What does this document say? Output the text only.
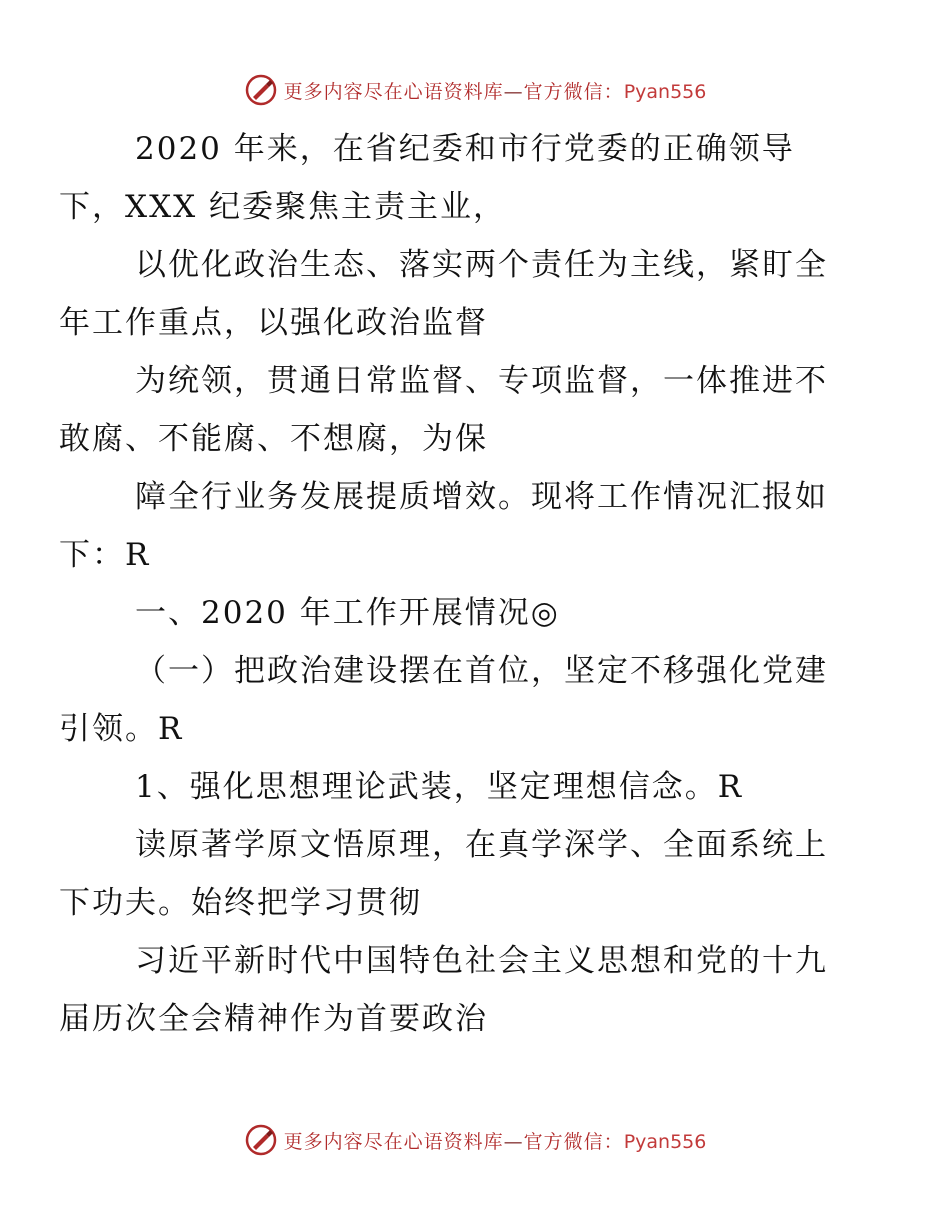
更多内容尽在心语资料库—官方微信：Pyan556

2020 年来，在省纪委和市行党委的正确领导
下，XXX 纪委聚焦主责主业，

以优化政治生态、落实两个责任为主线，紧盯全
年工作重点，以强化政治监督

为统领，贯通日常监督、专项监督，一体推进不
敢腐、不能腐、不想腐，为保

障全行业务发展提质增效。现将工作情况汇报如
下：R

一、2020 年工作开展情况◎

（一）把政治建设摆在首位，坚定不移强化党建
引领。R

1、强化思想理论武装，坚定理想信念。R

读原著学原文悟原理，在真学深学、全面系统上
下功夫。始终把学习贯彻

习近平新时代中国特色社会主义思想和党的十九
届历次全会精神作为首要政治

更多内容尽在心语资料库—官方微信：Pyan556
